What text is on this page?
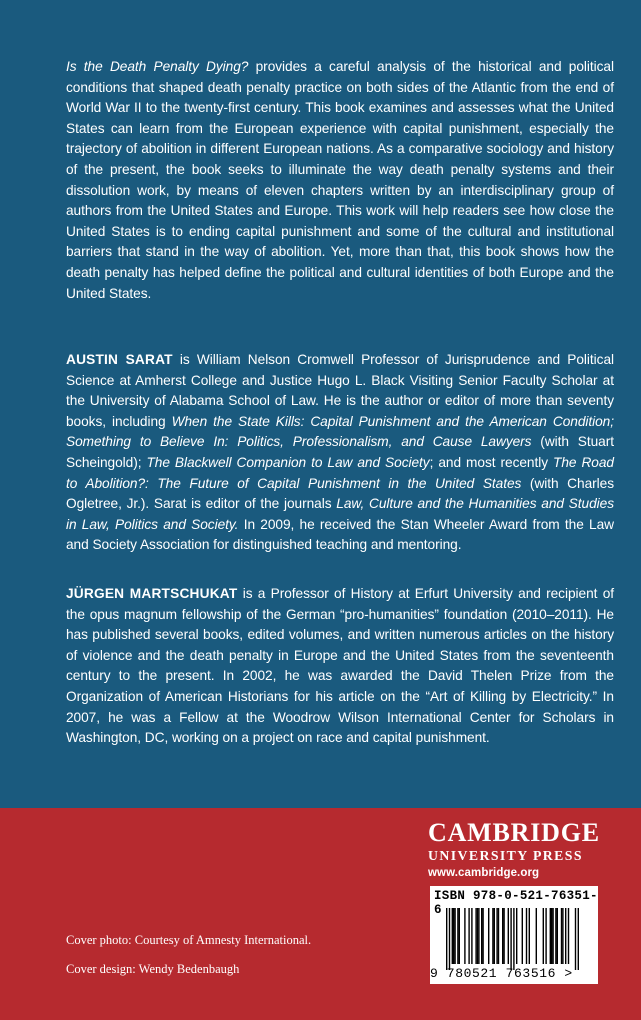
Is the Death Penalty Dying? provides a careful analysis of the historical and political conditions that shaped death penalty practice on both sides of the Atlantic from the end of World War II to the twenty-first century. This book examines and assesses what the United States can learn from the European experience with capital punishment, especially the trajectory of abolition in different European nations. As a comparative sociology and history of the present, the book seeks to illuminate the way death penalty systems and their dissolution work, by means of eleven chapters written by an interdisciplinary group of authors from the United States and Europe. This work will help readers see how close the United States is to ending capital punishment and some of the cultural and institutional barriers that stand in the way of abolition. Yet, more than that, this book shows how the death penalty has helped define the political and cultural identities of both Europe and the United States.

AUSTIN SARAT is William Nelson Cromwell Professor of Jurisprudence and Political Science at Amherst College and Justice Hugo L. Black Visiting Senior Faculty Scholar at the University of Alabama School of Law. He is the author or editor of more than seventy books, including When the State Kills: Capital Punishment and the American Condition; Something to Believe In: Politics, Professionalism, and Cause Lawyers (with Stuart Scheingold); The Blackwell Companion to Law and Society; and most recently The Road to Abolition?: The Future of Capital Punishment in the United States (with Charles Ogletree, Jr.). Sarat is editor of the journals Law, Culture and the Humanities and Studies in Law, Politics and Society. In 2009, he received the Stan Wheeler Award from the Law and Society Association for distinguished teaching and mentoring.

JÜRGEN MARTSCHUKAT is a Professor of History at Erfurt University and recipient of the opus magnum fellowship of the German “pro-humanities” foundation (2010–2011). He has published several books, edited volumes, and written numerous articles on the history of violence and the death penalty in Europe and the United States from the seventeenth century to the present. In 2002, he was awarded the David Thelen Prize from the Organization of American Historians for his article on the “Art of Killing by Electricity.” In 2007, he was a Fellow at the Woodrow Wilson International Center for Scholars in Washington, DC, working on a project on race and capital punishment.

CAMBRIDGE
UNIVERSITY PRESS
www.cambridge.org
ISBN 978-0-521-76351-6
9 780521 763516 >
Cover photo: Courtesy of Amnesty International.
Cover design: Wendy Bedenbaugh
